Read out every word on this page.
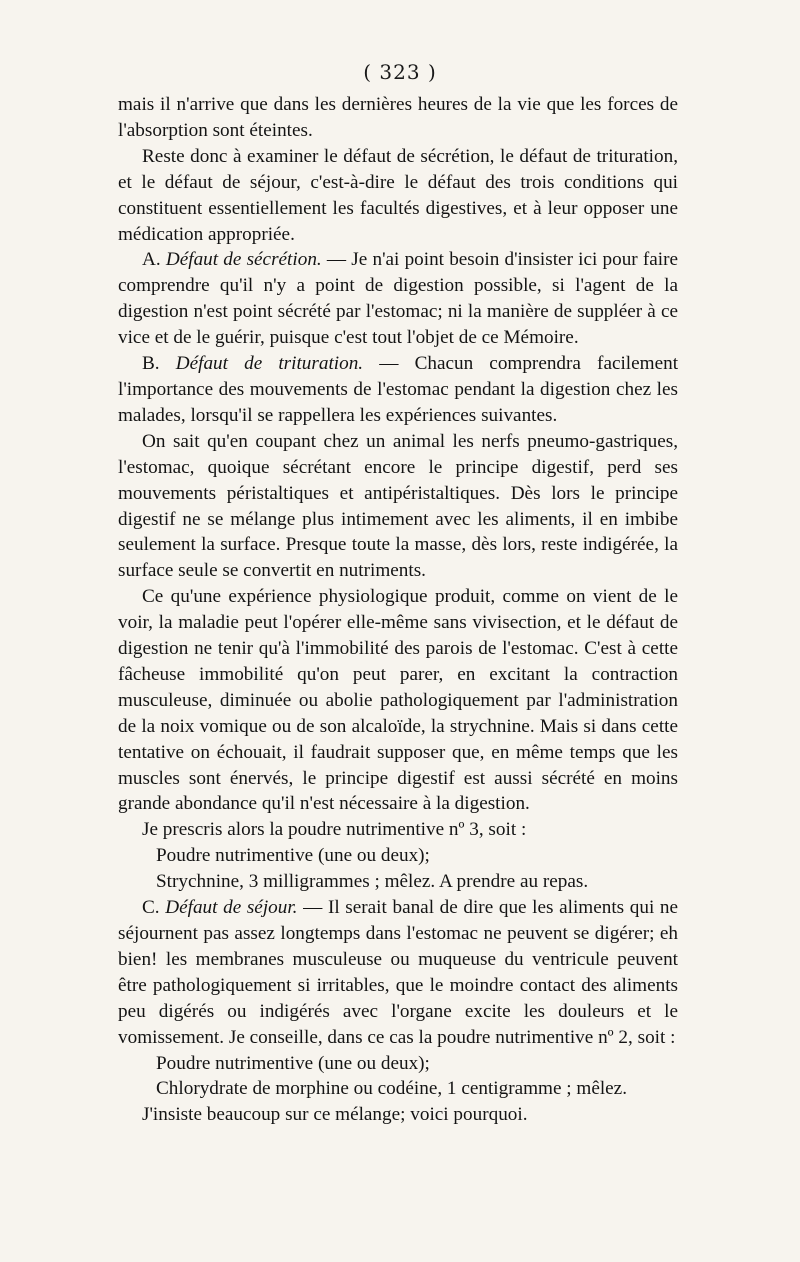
( 323 )

mais il n'arrive que dans les dernières heures de la vie que les forces de l'absorption sont éteintes.

Reste donc à examiner le défaut de sécrétion, le défaut de trituration, et le défaut de séjour, c'est-à-dire le défaut des trois conditions qui constituent essentiellement les facultés digestives, et à leur opposer une médication appropriée.

A. Défaut de sécrétion. — Je n'ai point besoin d'insister ici pour faire comprendre qu'il n'y a point de digestion possible, si l'agent de la digestion n'est point sécrété par l'estomac; ni la manière de suppléer à ce vice et de le guérir, puisque c'est tout l'objet de ce Mémoire.

B. Défaut de trituration. — Chacun comprendra facilement l'importance des mouvements de l'estomac pendant la digestion chez les malades, lorsqu'il se rappellera les expériences suivantes.

On sait qu'en coupant chez un animal les nerfs pneumo-gastriques, l'estomac, quoique sécrétant encore le principe digestif, perd ses mouvements péristaltiques et antipéristaltiques. Dès lors le principe digestif ne se mélange plus intimement avec les aliments, il en imbibe seulement la surface. Presque toute la masse, dès lors, reste indigérée, la surface seule se convertit en nutriments.

Ce qu'une expérience physiologique produit, comme on vient de le voir, la maladie peut l'opérer elle-même sans vivisection, et le défaut de digestion ne tenir qu'à l'immobilité des parois de l'estomac. C'est à cette fâcheuse immobilité qu'on peut parer, en excitant la contraction musculeuse, diminuée ou abolie pathologiquement par l'administration de la noix vomique ou de son alcaloïde, la strychnine. Mais si dans cette tentative on échouait, il faudrait supposer que, en même temps que les muscles sont énervés, le principe digestif est aussi sécrété en moins grande abondance qu'il n'est nécessaire à la digestion.

Je prescris alors la poudre nutrimentive nº 3, soit :

Poudre nutrimentive (une ou deux);

Strychnine, 3 milligrammes ; mêlez. A prendre au repas.

C. Défaut de séjour. — Il serait banal de dire que les aliments qui ne séjournent pas assez longtemps dans l'estomac ne peuvent se digérer; eh bien! les membranes musculeuse ou muqueuse du ventricule peuvent être pathologiquement si irritables, que le moindre contact des aliments peu digérés ou indigérés avec l'organe excite les douleurs et le vomissement. Je conseille, dans ce cas la poudre nutrimentive nº 2, soit :

Poudre nutrimentive (une ou deux);

Chlorydrate de morphine ou codéine, 1 centigramme ; mêlez.

J'insiste beaucoup sur ce mélange; voici pourquoi.
